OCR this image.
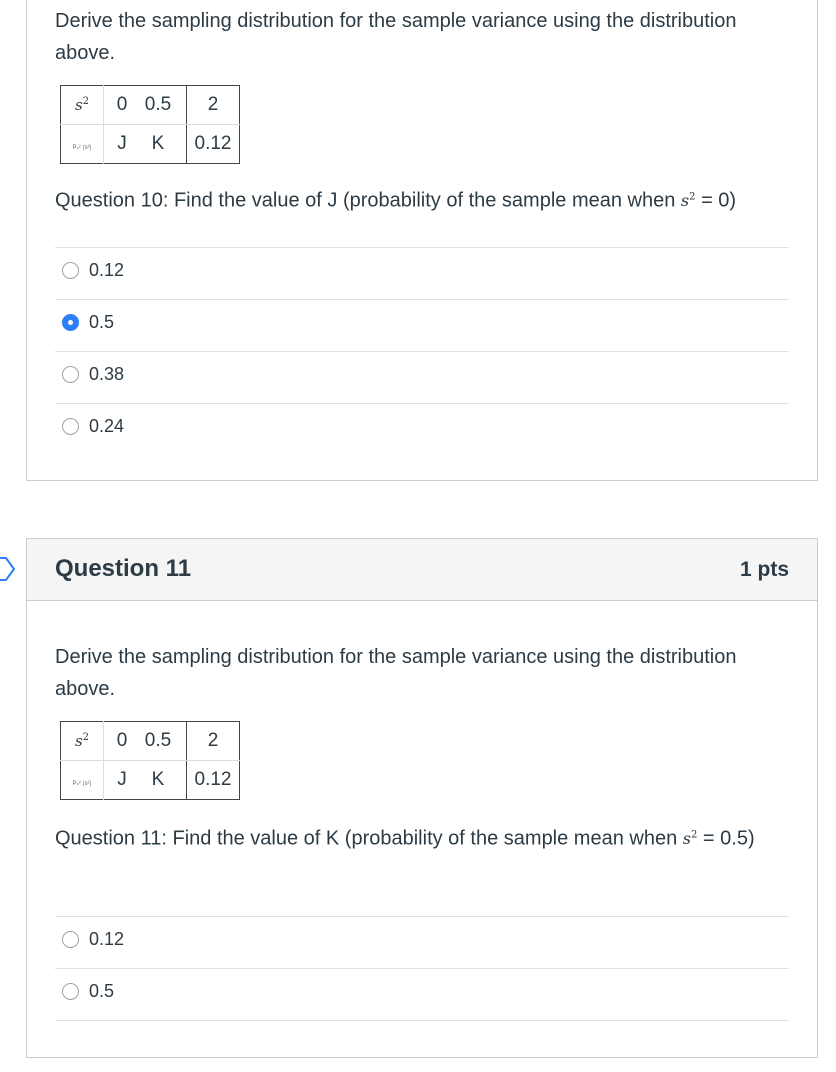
Derive the sampling distribution for the sample variance using the distribution above.

$s^2$	0	0.5	2
Pₛ² (s²)	J	K	0.12

Question 10: Find the value of J (probability of the sample mean when $s^2 = 0$)

0.12
0.5
0.38
0.24
Question 11	1 pts

Derive the sampling distribution for the sample variance using the distribution above.

$s^2$	0	0.5	2
Pₛ² (s²)	J	K	0.12

Question 11: Find the value of K (probability of the sample mean when $s^2 = 0.5$)

0.12
0.5
